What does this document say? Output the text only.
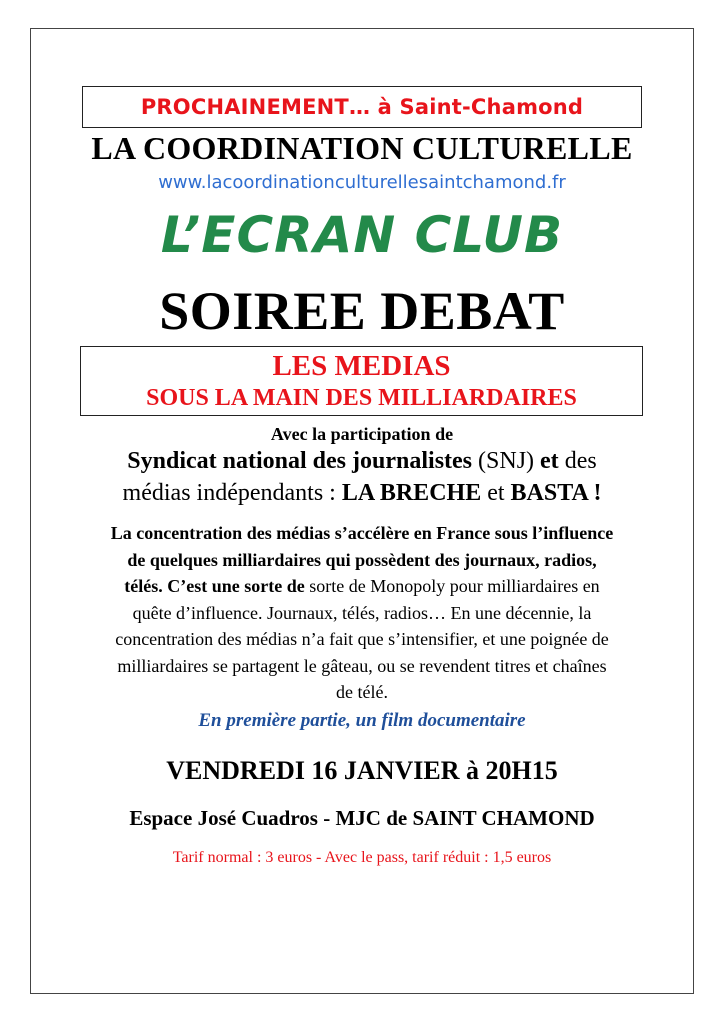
PROCHAINEMENT… à Saint-Chamond
LA COORDINATION CULTURELLE
www.lacoordinationculturellesaintchamond.fr
L’ECRAN CLUB
SOIREE DEBAT
LES MEDIAS
SOUS LA MAIN DES MILLIARDAIRES
Avec la participation de
Syndicat national des journalistes (SNJ) et des
médias indépendants : LA BRECHE et BASTA !
La concentration des médias s’accélère en France sous l’influence
de quelques milliardaires qui possèdent des journaux, radios,
télés. C’est une sorte de sorte de Monopoly pour milliardaires en
quête d’influence. Journaux, télés, radios… En une décennie, la
concentration des médias n’a fait que s’intensifier, et une poignée de
milliardaires se partagent le gâteau, ou se revendent titres et chaînes
de télé.
En première partie, un film documentaire
VENDREDI 16 JANVIER à 20H15
Espace José Cuadros - MJC de SAINT CHAMOND
Tarif normal : 3 euros - Avec le pass, tarif réduit : 1,5 euros
